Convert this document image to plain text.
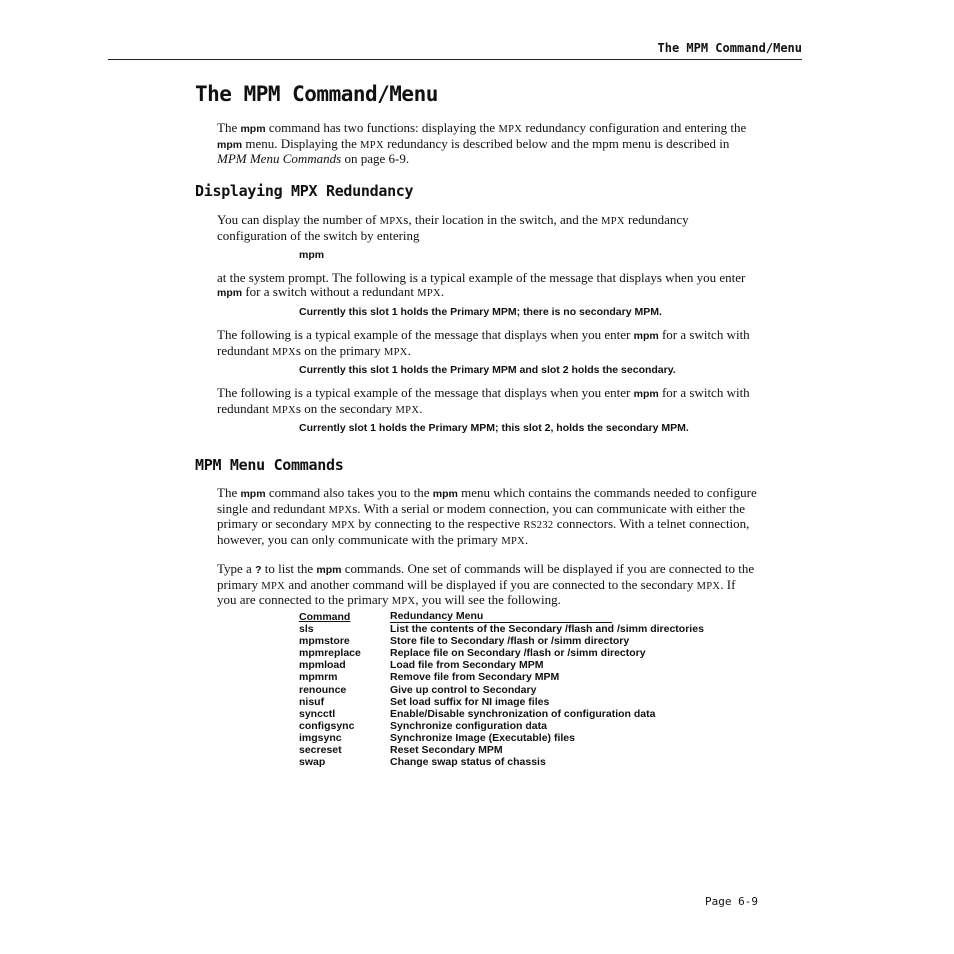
The MPM Command/Menu
The MPM Command/Menu
The mpm command has two functions: displaying the MPX redundancy configuration and entering the mpm menu. Displaying the MPX redundancy is described below and the mpm menu is described in MPM Menu Commands on page 6-9.
Displaying MPX Redundancy
You can display the number of MPXs, their location in the switch, and the MPX redundancy configuration of the switch by entering
mpm
at the system prompt. The following is a typical example of the message that displays when you enter mpm for a switch without a redundant MPX.
Currently this slot 1 holds the Primary MPM; there is no secondary MPM.
The following is a typical example of the message that displays when you enter mpm for a switch with redundant MPXs on the primary MPX.
Currently this slot 1 holds the Primary MPM and slot 2 holds the secondary.
The following is a typical example of the message that displays when you enter mpm for a switch with redundant MPXs on the secondary MPX.
Currently slot 1 holds the Primary MPM; this slot 2, holds the secondary MPM.
MPM Menu Commands
The mpm command also takes you to the mpm menu which contains the commands needed to configure single and redundant MPXs. With a serial or modem connection, you can communicate with either the primary or secondary MPX by connecting to the respective RS232 connectors. With a telnet connection, however, you can only communicate with the primary MPX.
Type a ? to list the mpm commands. One set of commands will be displayed if you are connected to the primary MPX and another command will be displayed if you are connected to the secondary MPX. If you are connected to the primary MPX, you will see the following.
Command	Redundancy Menu
sls	List the contents of the Secondary /flash and /simm directories
mpmstore	Store file to Secondary /flash or /simm directory
mpmreplace	Replace file on Secondary /flash or /simm directory
mpmload	Load file from Secondary MPM
mpmrm	Remove file from Secondary MPM
renounce	Give up control to Secondary
nisuf	Set load suffix for NI image files
syncctl	Enable/Disable synchronization of configuration data
configsync	Synchronize configuration data
imgsync	Synchronize Image (Executable) files
secreset	Reset Secondary MPM
swap	Change swap status of chassis
Page 6-9
